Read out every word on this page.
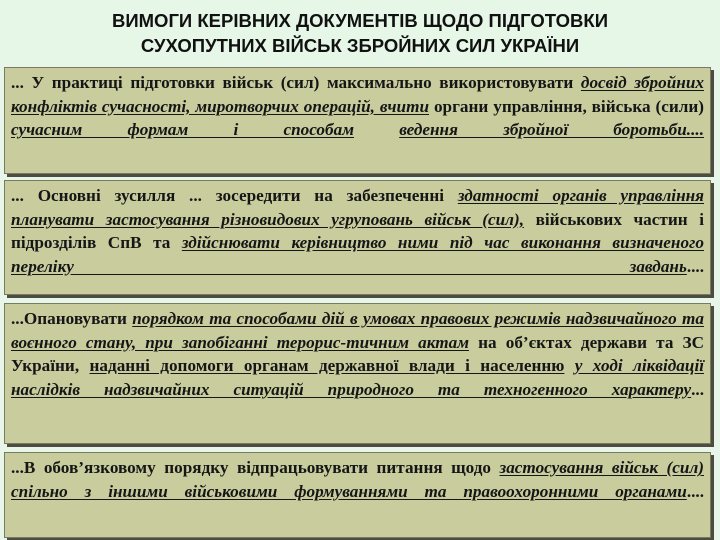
ВИМОГИ КЕРІВНИХ ДОКУМЕНТІВ ЩОДО ПІДГОТОВКИ
СУХОПУТНИХ ВІЙСЬК ЗБРОЙНИХ СИЛ УКРАЇНИ

... У практиці підготовки військ (сил) максимально використовувати досвід збройних конфліктів сучасності, миротворчих операцій, вчити органи управління, війська (сили) сучасним формам і способам	ведення збройної боротьби....

... Основні зусилля ... зосередити на забезпеченні здатності органів управління планувати застосування різновидових угруповань військ (сил), військових частин і підрозділів СпВ та здійснювати керівництво ними під час виконання визначеного переліку завдань....

...Опановувати порядком та способами дій в умовах правових режимів надзвичайного та воєнного стану, при запобіганні терорис-тичним актам на об’єктах держави та ЗС України, наданні допомоги органам державної влади і населенню у ході ліквідації наслідків надзвичайних ситуацій природного та техногенного характеру...

...В обов’язковому порядку відпрацьовувати питання щодо застосування військ (сил) спільно з іншими військовими формуваннями та правоохоронними органами....
